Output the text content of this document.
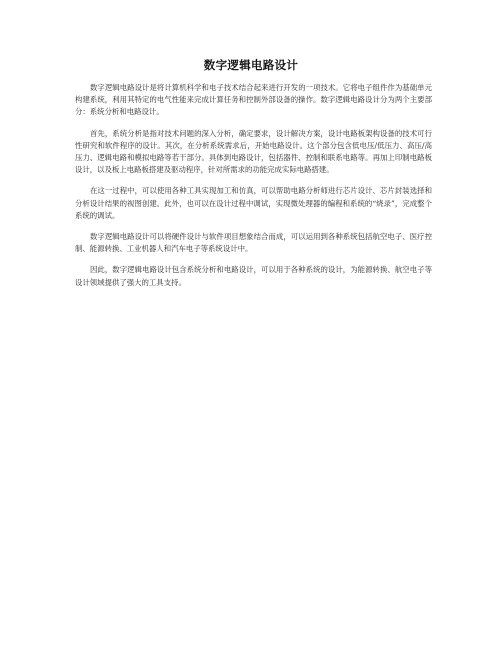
数字逻辑电路设计

数字逻辑电路设计是将计算机科学和电子技术结合起来进行开发的一项技术。它将电子组件作为基础单元构建系统，利用其特定的电气性能来完成计算任务和控制外部设备的操作。数字逻辑电路设计分为两个主要部分：系统分析和电路设计。

首先，系统分析是指对技术问题的深入分析，确定要求，设计解决方案，设计电路板架构设备的技术可行性研究和软件程序的设计。其次，在分析系统需求后，开始电路设计。这个部分包含低电压/低压力、高压/高压力、逻辑电路和模拟电路等若干部分。具体到电路设计，包括器件、控制和联系电路等。再加上印制电路板设计，以及板上电路板搭建及驱动程序，针对所需求的功能完成实际电路搭建。

在这一过程中，可以使用各种工具实现加工和仿真，可以帮助电路分析师进行芯片设计、芯片封装选择和分析设计结果的视图创建。此外，也可以在设计过程中调试，实现微处理器的编程和系统的“烧录”，完成整个系统的调试。

数字逻辑电路设计可以将硬件设计与软件项目想象结合而成，可以运用到各种系统包括航空电子、医疗控制、能源转换、工业机器人和汽车电子等系统设计中。

因此，数字逻辑电路设计包含系统分析和电路设计，可以用于各种系统的设计，为能源转换、航空电子等设计领域提供了强大的工具支持。
